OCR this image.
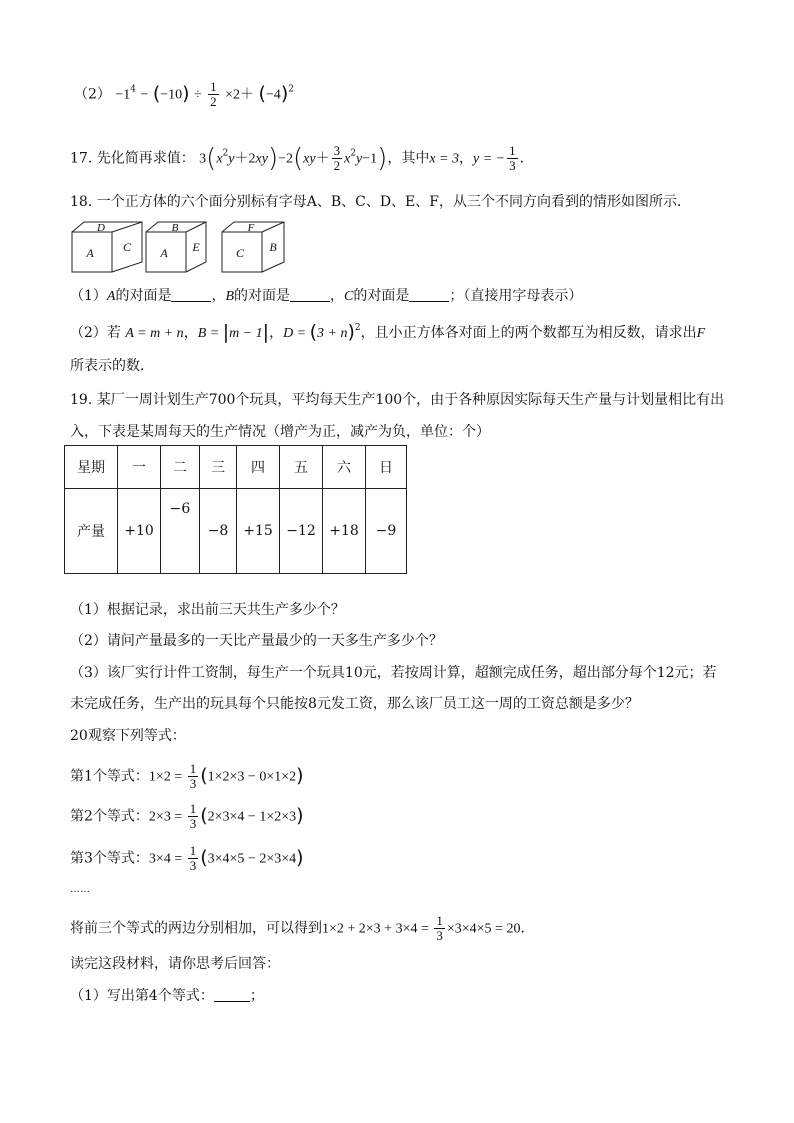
$(2) -1^4 - (-10) \div \frac{1}{2} \times 2+ (-4)^2$
17. 先化简再求值： $3(x^2y+2xy)-2(xy+ \frac{3}{2} x^2y-1)$，其中x = 3，y = − $\frac{1}{3}$ ．
18. 一个正方体的六个面分别标有字母A、B、C、D、E、F，从三个不同方向看到的情形如图所示．
D
A C
B
A E
F
C B
（1）A的对面是	，B的对面是	，C的对面是	；（直接用字母表示）
（2）若 A = m + n，B = |m − 1|，$D = (3 + n)^2$，且小正方体各对面上的两个数都互为相反数，请求出F
所表示的数．
19. 某厂一周计划生产700个玩具，平均每天生产100个，由于各种原因实际每天生产量与计划量相比有出
入，下表是某周每天的生产情况（增产为正，减产为负，单位：个）
星期	一	二	三	四	五	六	日
产量	+10	−6	−8	+15	−12	+18	−9
（1）根据记录，求出前三天共生产多少个？
（2）请问产量最多的一天比产量最少的一天多生产多少个？
（3）该厂实行计件工资制，每生产一个玩具10元，若按周计算，超额完成任务，超出部分每个12元；若
未完成任务，生产出的玩具每个只能按8元发工资，那么该厂员工这一周的工资总额是多少？
20观察下列等式：
第1个等式：$1\times 2 = \frac{1}{3} (1\times 2\times 3 - 0\times 1\times 2)$
第2个等式：$2\times 3 = \frac{1}{3} (2\times 3\times 4 - 1\times 2\times 3)$
第3个等式：$3\times 4 = \frac{1}{3} (3\times 4\times 5 - 2\times 3\times 4)$
……
将前三个等式的两边分别相加，可以得到$1\times 2 + 2\times 3 + 3\times 4 = \frac{1}{3} \times 3\times 4\times 5 = 20$．
读完这段材料，请你思考后回答：
（1）写出第4个等式：	；
